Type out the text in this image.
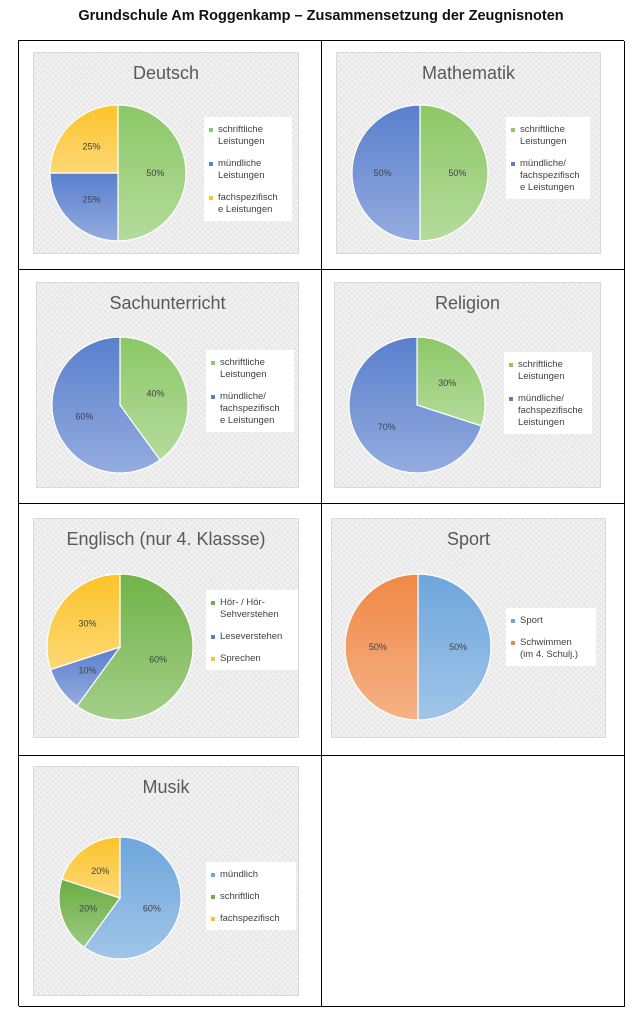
Grundschule Am Roggenkamp – Zusammensetzung der Zeugnisnoten
Deutsch
50%
25%
25%
schriftliche
Leistungen
mündliche
Leistungen
fachspezifisch
e Leistungen
Mathematik
50%
50%
schriftliche
Leistungen
mündliche/
fachspezifisch
e Leistungen
Sachunterricht
40%
60%
schriftliche
Leistungen
mündliche/
fachspezifisch
e Leistungen
Religion
30%
70%
schriftliche
Leistungen
mündliche/
fachspezifische
Leistungen
Englisch (nur 4. Klassse)
60%
10%
30%
Hör- / Hör-
Sehverstehen
Leseverstehen
Sprechen
Sport
50%
50%
Sport
Schwimmen
(im 4. Schulj.)
Musik
60%
20%
20%	mündlich
schriftlich
fachspezifisch
